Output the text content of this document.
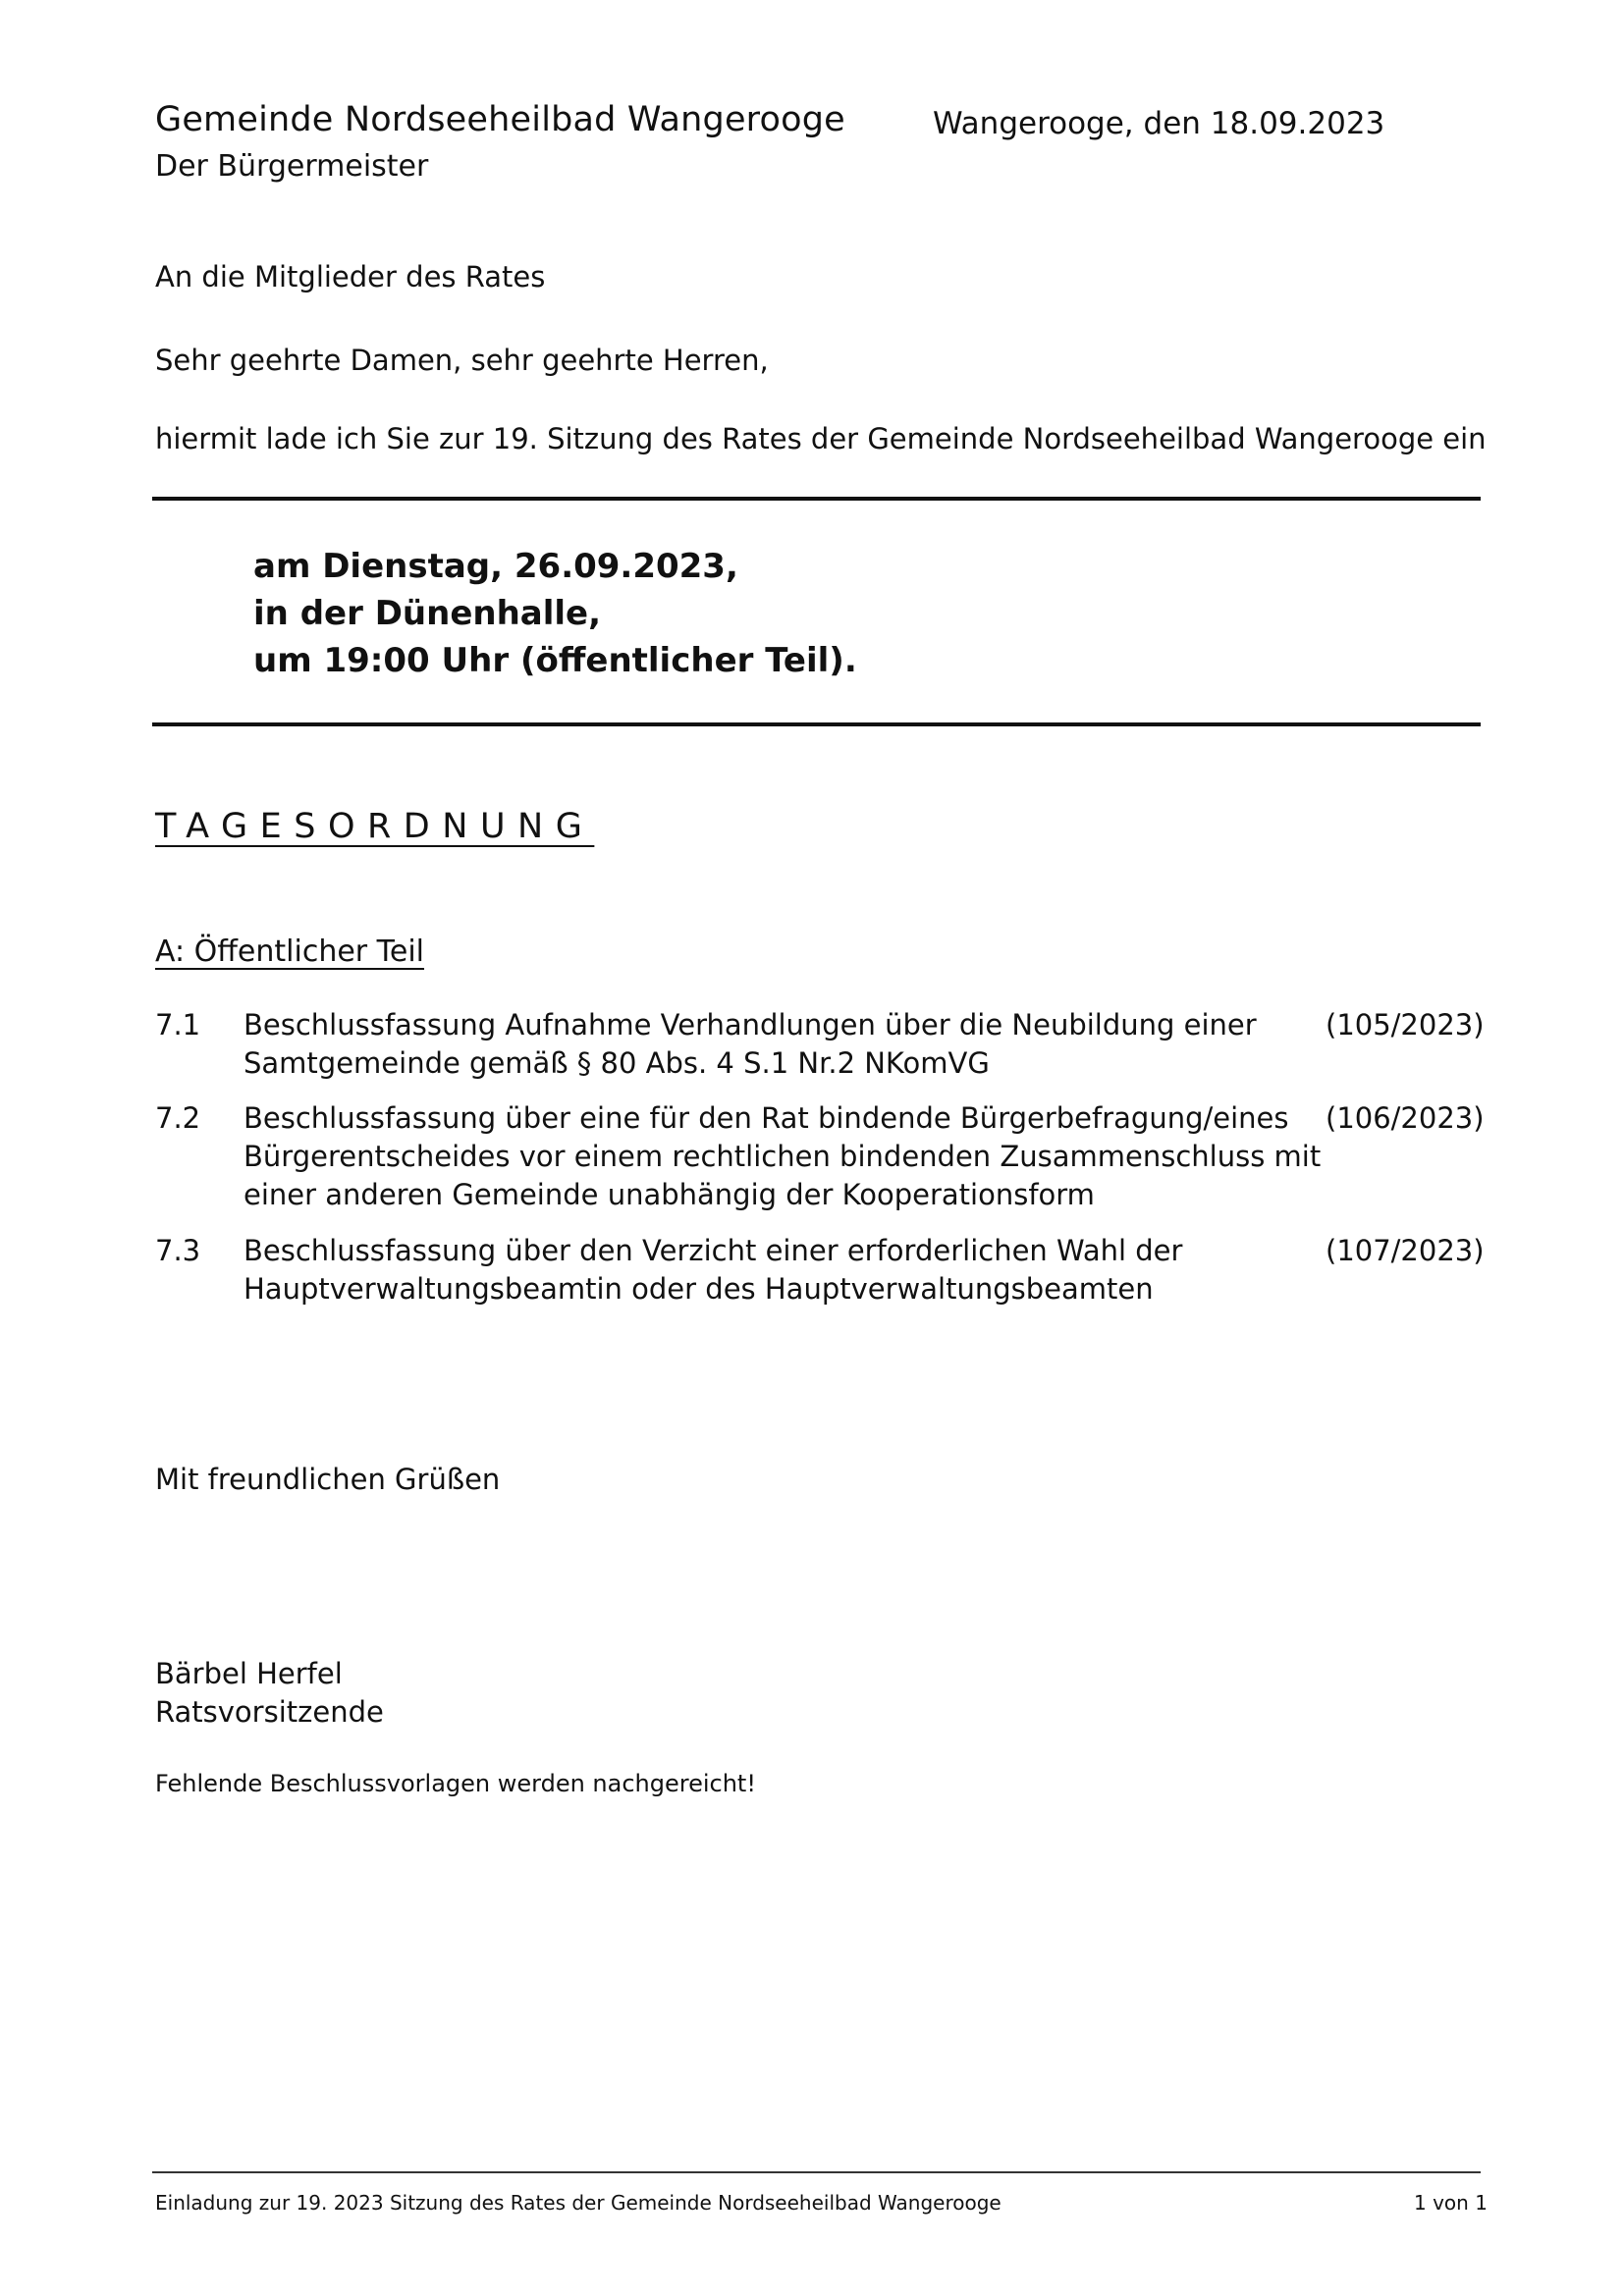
Gemeinde Nordseeheilbad Wangerooge
Der Bürgermeister
Wangerooge, den 18.09.2023
An die Mitglieder des Rates
Sehr geehrte Damen, sehr geehrte Herren,
hiermit lade ich Sie zur 19. Sitzung des Rates der Gemeinde Nordseeheilbad Wangerooge ein
am Dienstag, 26.09.2023,
in der Dünenhalle,
um 19:00 Uhr (öffentlicher Teil).
TAGESORDNUNG
A: Öffentlicher Teil
7.1 Beschlussfassung Aufnahme Verhandlungen über die Neubildung einer
Samtgemeinde gemäß § 80 Abs. 4 S.1 Nr.2 NKomVG
(105/2023)
7.2 Beschlussfassung über eine für den Rat bindende Bürgerbefragung/eines
Bürgerentscheides vor einem rechtlichen bindenden Zusammenschluss mit
einer anderen Gemeinde unabhängig der Kooperationsform
(106/2023)
7.3 Beschlussfassung über den Verzicht einer erforderlichen Wahl der
Hauptverwaltungsbeamtin oder des Hauptverwaltungsbeamten
(107/2023)
Mit freundlichen Grüßen
Bärbel Herfel
Ratsvorsitzende
Fehlende Beschlussvorlagen werden nachgereicht!
Einladung zur 19. 2023 Sitzung des Rates der Gemeinde Nordseeheilbad Wangerooge	1 von 1
